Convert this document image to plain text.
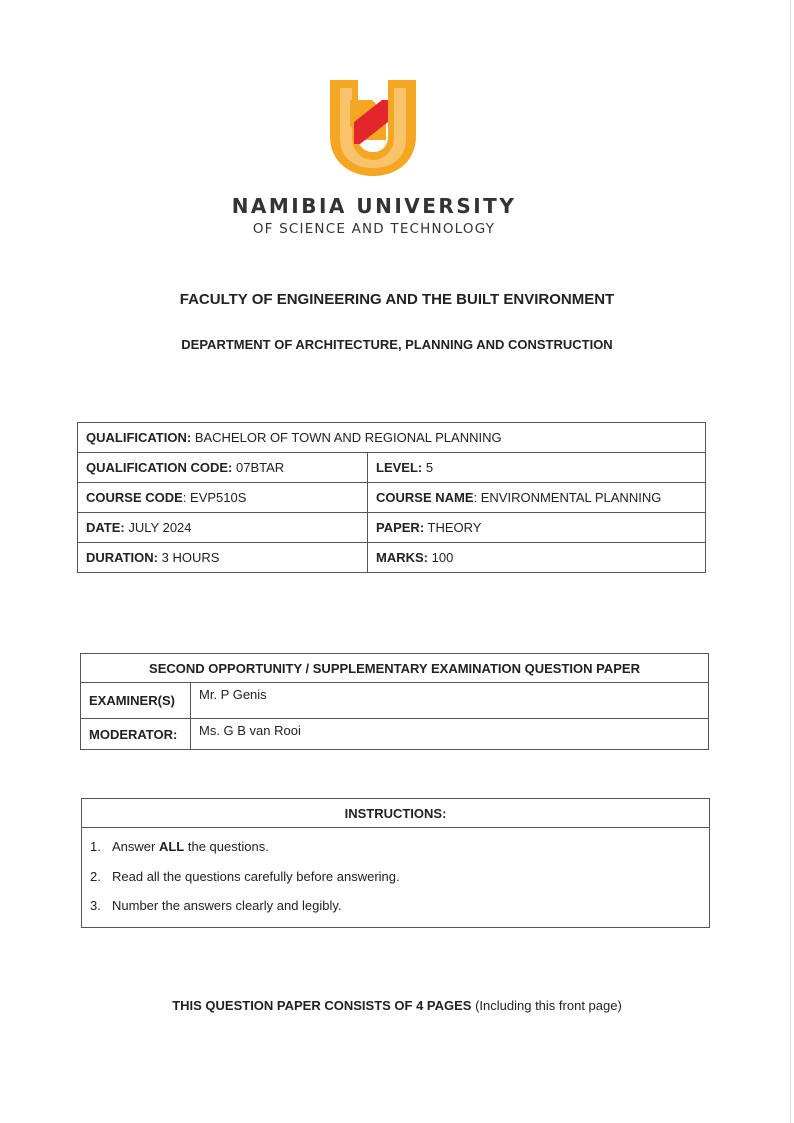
NAMIBIA UNIVERSITY
OF SCIENCE AND TECHNOLOGY
FACULTY OF ENGINEERING AND THE BUILT ENVIRONMENT
DEPARTMENT OF ARCHITECTURE, PLANNING AND CONSTRUCTION
QUALIFICATION: BACHELOR OF TOWN AND REGIONAL PLANNING	
QUALIFICATION CODE: 07BTAR	LEVEL: 5
COURSE CODE: EVP510S	COURSE NAME: ENVIRONMENTAL PLANNING
DATE: JULY 2024	PAPER: THEORY
DURATION: 3 HOURS	MARKS: 100
SECOND OPPORTUNITY / SUPPLEMENTARY EXAMINATION QUESTION PAPER	
EXAMINER(S)	Mr. P Genis
MODERATOR:	Ms. G B van Rooi
INSTRUCTIONS:

1. Answer ALL the questions.
2. Read all the questions carefully before answering.
3. Number the answers clearly and legibly.
THIS QUESTION PAPER CONSISTS OF 4 PAGES (Including this front page)
